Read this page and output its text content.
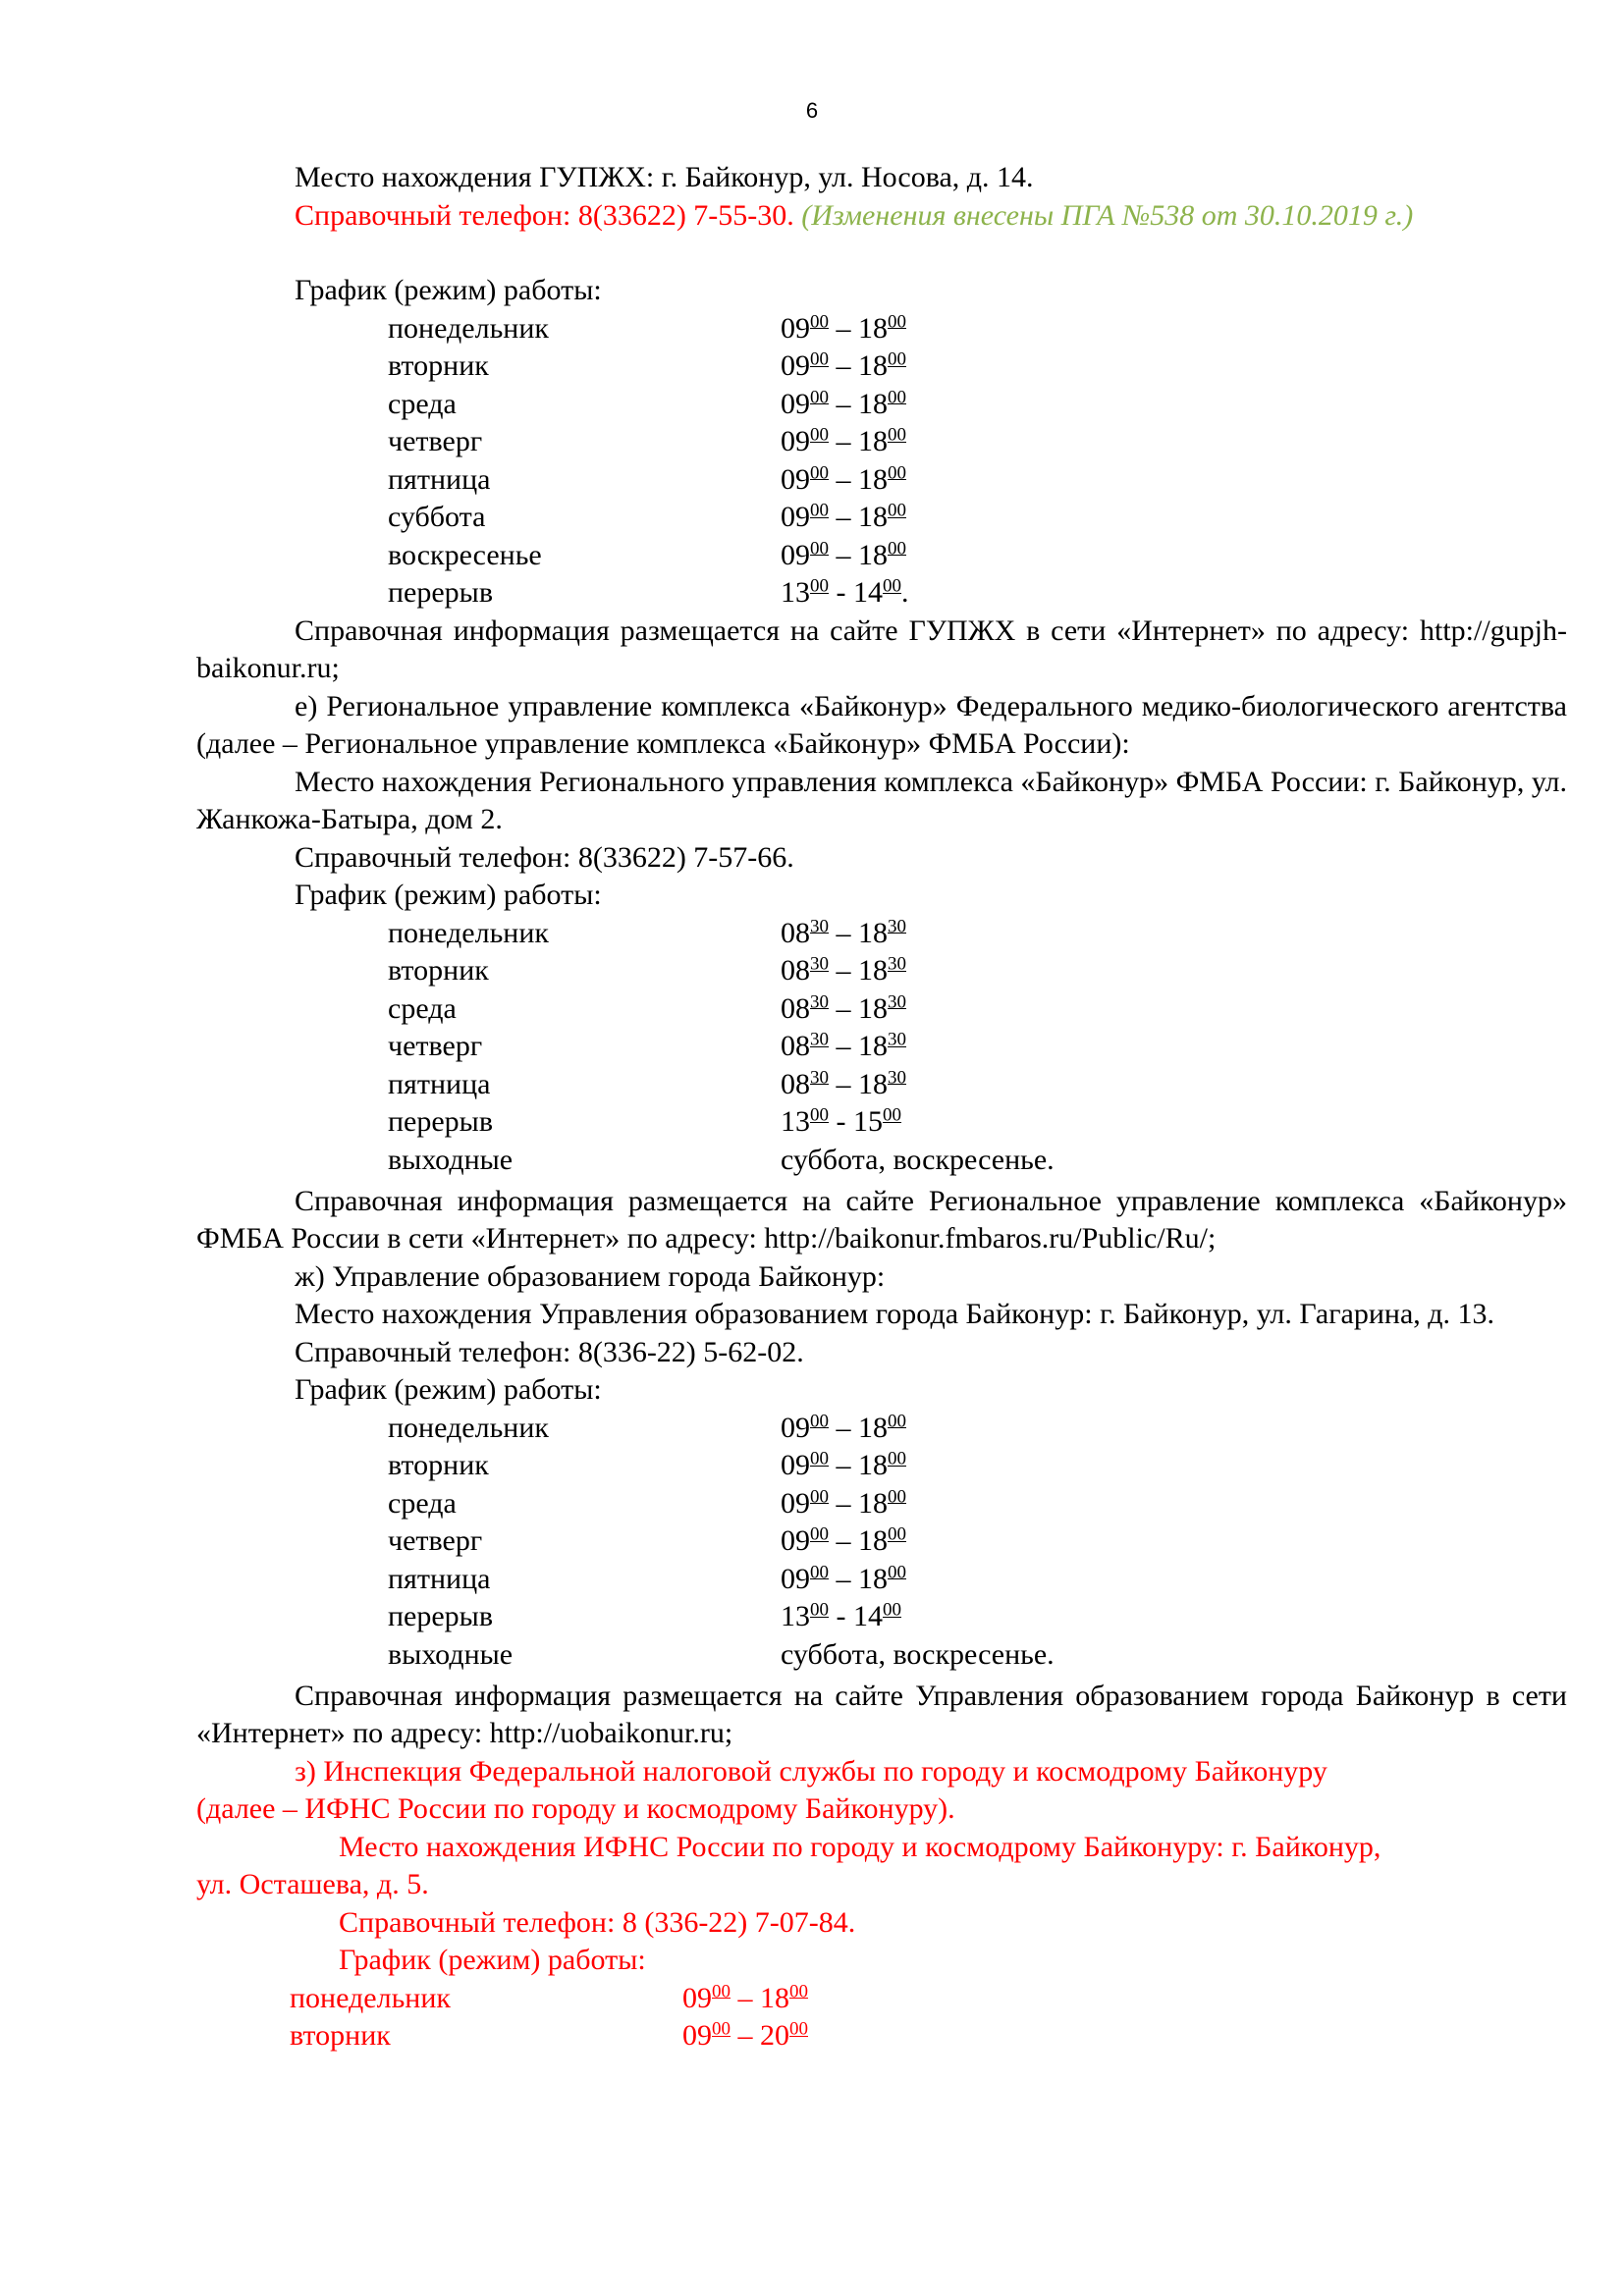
6

Место нахождения ГУПЖХ: г. Байконур, ул. Носова, д. 14.

Справочный телефон: 8(33622) 7-55-30. (Изменения внесены ПГА №538 от 30.10.2019 г.)

График (режим) работы:

понедельник	$09^{00} - 18^{00}$
вторник	$09^{00} - 18^{00}$
среда	$09^{00} - 18^{00}$
четверг	$09^{00} - 18^{00}$
пятница	$09^{00} - 18^{00}$
суббота	$09^{00} - 18^{00}$
воскресенье	$09^{00} - 18^{00}$
перерыв	$13^{00} - 14^{00}$.

Справочная информация размещается на сайте ГУПЖХ в сети «Интернет» по адресу: http://gupjh-baikonur.ru;

е) Региональное управление комплекса «Байконур» Федерального медико-биологического агентства (далее – Региональное управление комплекса «Байконур» ФМБА России):

Место нахождения Регионального управления комплекса «Байконур» ФМБА России: г. Байконур, ул. Жанкожа-Батыра, дом 2.

Справочный телефон: 8(33622) 7-57-66.

График (режим) работы:

понедельник	$08^{30} - 18^{30}$
вторник	$08^{30} - 18^{30}$
среда	$08^{30} - 18^{30}$
четверг	$08^{30} - 18^{30}$
пятница	$08^{30} - 18^{30}$
перерыв	$13^{00} - 15^{00}$
выходные	суббота, воскресенье.

Справочная информация размещается на сайте Региональное управление комплекса «Байконур» ФМБА России в сети «Интернет» по адресу: http://baikonur.fmbaros.ru/Public/Ru/;

ж) Управление образованием города Байконур:

Место нахождения Управления образованием города Байконур: г. Байконур, ул. Гагарина, д. 13.

Справочный телефон: 8(336-22) 5-62-02.

График (режим) работы:

понедельник	$09^{00} - 18^{00}$
вторник	$09^{00} - 18^{00}$
среда	$09^{00} - 18^{00}$
четверг	$09^{00} - 18^{00}$
пятница	$09^{00} - 18^{00}$
перерыв	$13^{00} - 14^{00}$
выходные	суббота, воскресенье.

Справочная информация размещается на сайте Управления образованием города Байконур в сети «Интернет» по адресу: http://uobaikonur.ru;

з) Инспекция Федеральной налоговой службы по городу и космодрому Байконуру

(далее – ИФНС России по городу и космодрому Байконуру).

Место нахождения ИФНС России по городу и космодрому Байконуру: г. Байконур,

ул. Осташева, д. 5.

Справочный телефон: 8 (336-22) 7-07-84.

График (режим) работы:

понедельник	$09^{00} - 18^{00}$
вторник	$09^{00} - 20^{00}$
